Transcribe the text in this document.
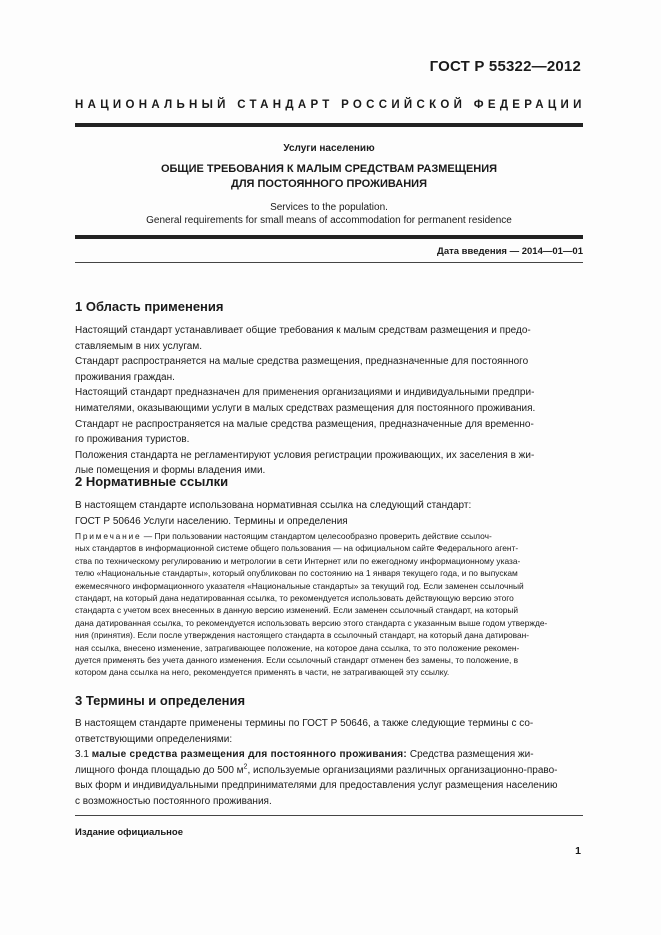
ГОСТ Р 55322—2012
НАЦИОНАЛЬНЫЙ СТАНДАРТ РОССИЙСКОЙ ФЕДЕРАЦИИ
Услуги населению
ОБЩИЕ ТРЕБОВАНИЯ К МАЛЫМ СРЕДСТВАМ РАЗМЕЩЕНИЯ
ДЛЯ ПОСТОЯННОГО ПРОЖИВАНИЯ
Services to the population.
General requirements for small means of accommodation for permanent residence
Дата введения — 2014—01—01
1 Область применения
Настоящий стандарт устанавливает общие требования к малым средствам размещения и предо-
ставляемым в них услугам.
Стандарт распространяется на малые средства размещения, предназначенные для постоянного
проживания граждан.
Настоящий стандарт предназначен для применения организациями и индивидуальными предпри-
нимателями, оказывающими услуги в малых средствах размещения для постоянного проживания.
Стандарт не распространяется на малые средства размещения, предназначенные для временно-
го проживания туристов.
Положения стандарта не регламентируют условия регистрации проживающих, их заселения в жи-
лые помещения и формы владения ими.
2 Нормативные ссылки
В настоящем стандарте использована нормативная ссылка на следующий стандарт:
ГОСТ Р 50646 Услуги населению. Термины и определения
Примечание — При пользовании настоящим стандартом целесообразно проверить действие ссылоч-
ных стандартов в информационной системе общего пользования — на официальном сайте Федерального агент-
ства по техническому регулированию и метрологии в сети Интернет или по ежегодному информационному указа-
телю «Национальные стандарты», который опубликован по состоянию на 1 января текущего года, и по выпускам
ежемесячного информационного указателя «Национальные стандарты» за текущий год. Если заменен ссылочный
стандарт, на который дана недатированная ссылка, то рекомендуется использовать действующую версию этого
стандарта с учетом всех внесенных в данную версию изменений. Если заменен ссылочный стандарт, на который
дана датированная ссылка, то рекомендуется использовать версию этого стандарта с указанным выше годом утвержде-
ния (принятия). Если после утверждения настоящего стандарта в ссылочный стандарт, на который дана датирован-
ная ссылка, внесено изменение, затрагивающее положение, на которое дана ссылка, то это положение рекомен-
дуется применять без учета данного изменения. Если ссылочный стандарт отменен без замены, то положение, в
котором дана ссылка на него, рекомендуется применять в части, не затрагивающей эту ссылку.
3 Термины и определения
В настоящем стандарте применены термины по ГОСТ Р 50646, а также следующие термины с со-
ответствующими определениями:
3.1 малые средства размещения для постоянного проживания: Средства размещения жи-
лищного фонда площадью до 500 $м^2$, используемые организациями различных организационно-право-
вых форм и индивидуальными предпринимателями для предоставления услуг размещения населению
с возможностью постоянного проживания.
Издание официальное
1
